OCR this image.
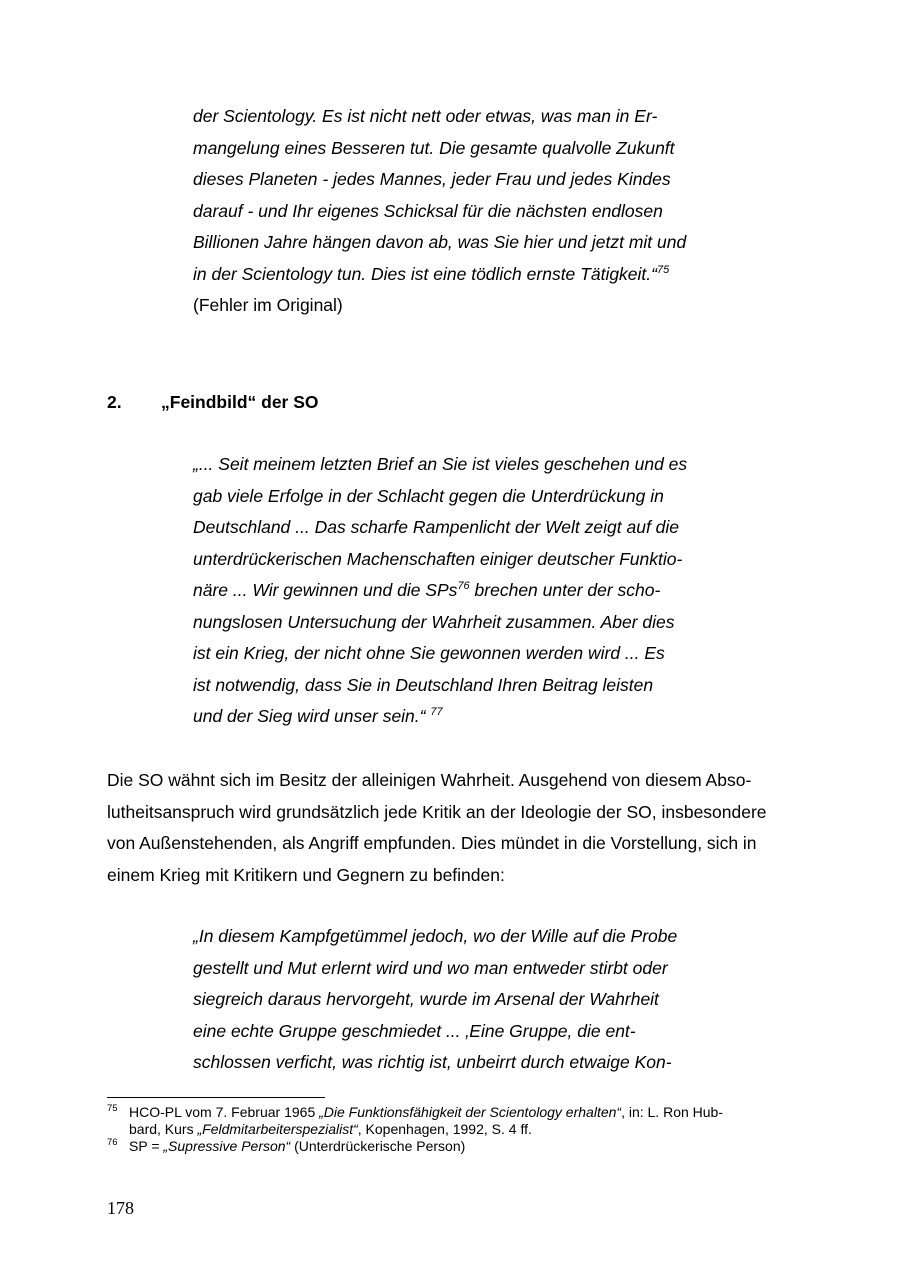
der Scientology. Es ist nicht nett oder etwas, was man in Er-
mangelung eines Besseren tut. Die gesamte qualvolle Zukunft
dieses Planeten - jedes Mannes, jeder Frau und jedes Kindes
darauf - und Ihr eigenes Schicksal für die nächsten endlosen
Billionen Jahre hängen davon ab, was Sie hier und jetzt mit und
in der Scientology tun. Dies ist eine tödlich ernste Tätigkeit.“$^{75}$
(Fehler im Original)
2. „Feindbild“ der SO
„... Seit meinem letzten Brief an Sie ist vieles geschehen und es
gab viele Erfolge in der Schlacht gegen die Unterdrückung in
Deutschland ... Das scharfe Rampenlicht der Welt zeigt auf die
unterdrückerischen Machenschaften einiger deutscher Funktio-
näre ... Wir gewinnen und die SPs$^{76}$ brechen unter der scho-
nungslosen Untersuchung der Wahrheit zusammen. Aber dies
ist ein Krieg, der nicht ohne Sie gewonnen werden wird ... Es
ist notwendig, dass Sie in Deutschland Ihren Beitrag leisten
und der Sieg wird unser sein.“ $^{77}$
Die SO wähnt sich im Besitz der alleinigen Wahrheit. Ausgehend von diesem Abso-
lutheitsanspruch wird grundsätzlich jede Kritik an der Ideologie der SO, insbesondere
von Außenstehenden, als Angriff empfunden. Dies mündet in die Vorstellung, sich in
einem Krieg mit Kritikern und Gegnern zu befinden:
„In diesem Kampfgetümmel jedoch, wo der Wille auf die Probe
gestellt und Mut erlernt wird und wo man entweder stirbt oder
siegreich daraus hervorgeht, wurde im Arsenal der Wahrheit
eine echte Gruppe geschmiedet ... ‚Eine Gruppe, die ent-
schlossen verficht, was richtig ist, unbeirrt durch etwaige Kon-
75 HCO-PL vom 7. Februar 1965 „Die Funktionsfähigkeit der Scientology erhalten“, in: L. Ron Hub-
bard, Kurs „Feldmitarbeiterspezialist“, Kopenhagen, 1992, S. 4 ff.
76 SP = „Supressive Person“ (Unterdrückerische Person)
178
